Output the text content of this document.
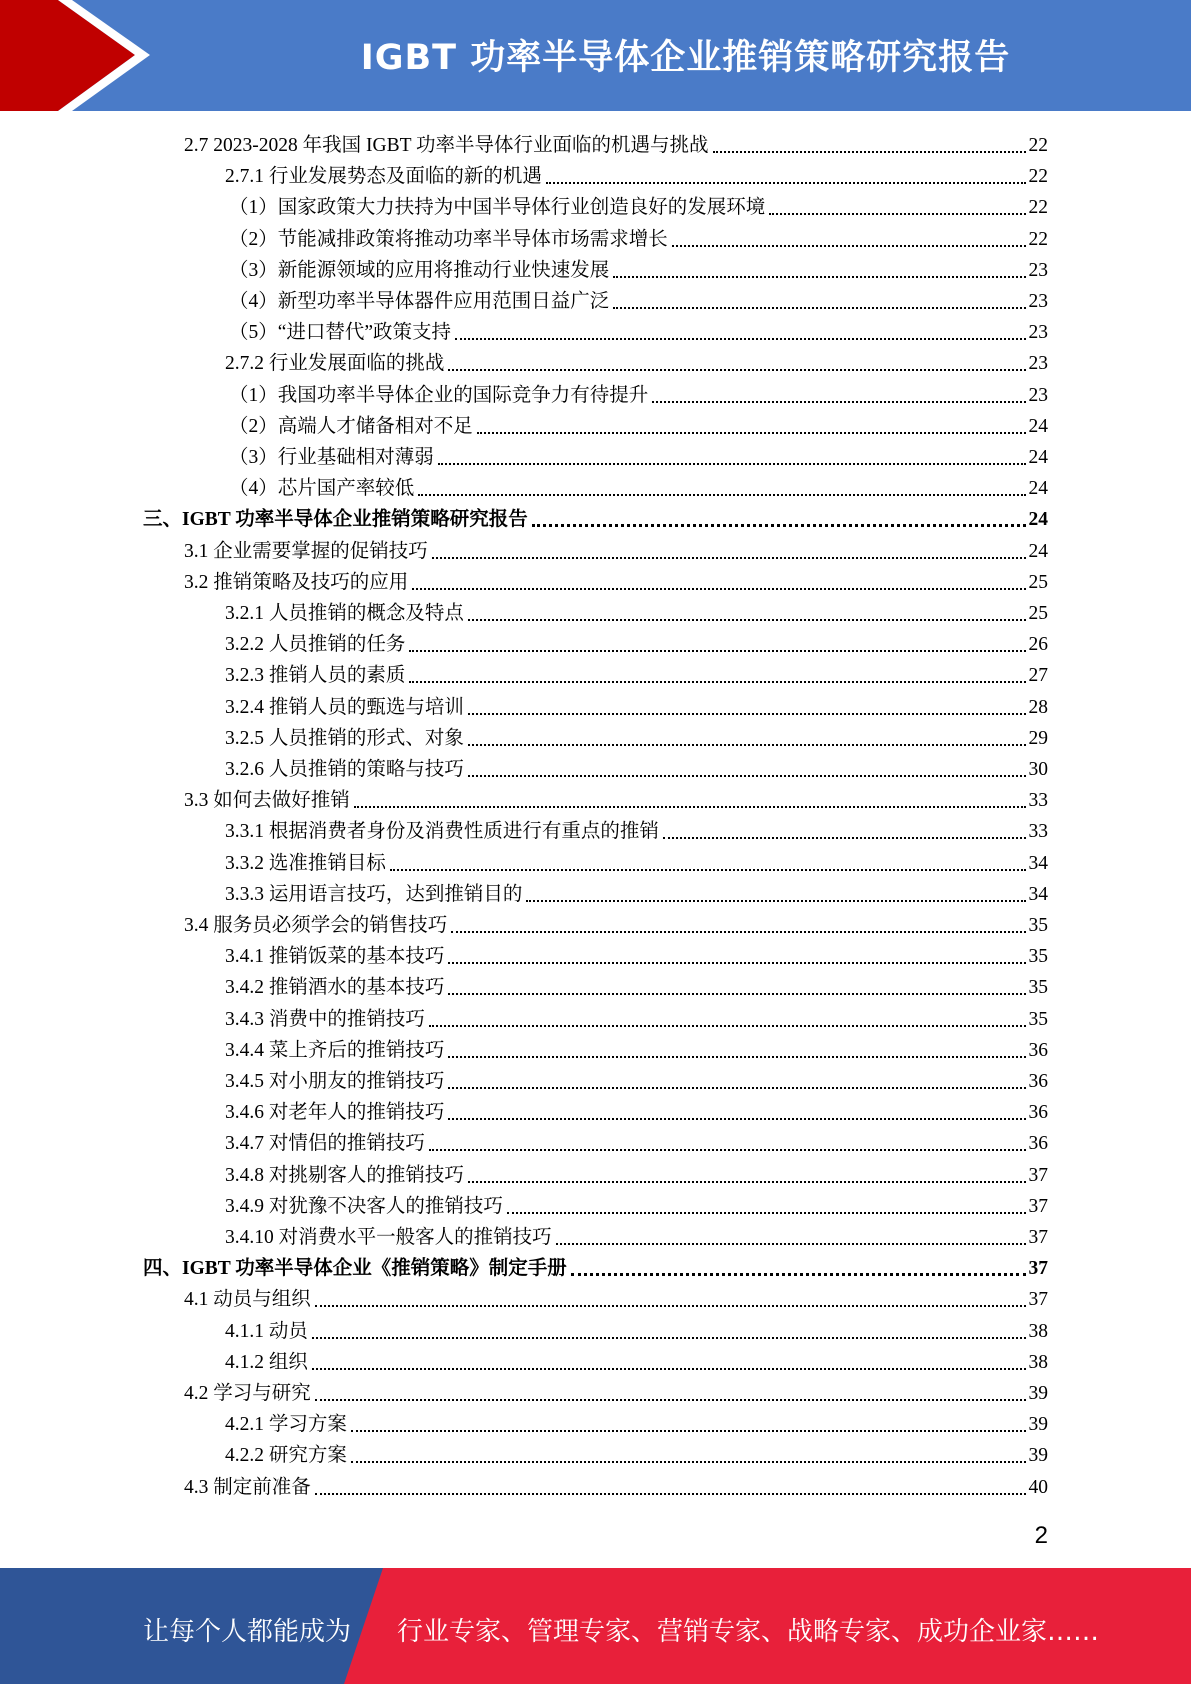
IGBT 功率半导体企业推销策略研究报告
2.7 2023-2028 年我国 IGBT 功率半导体行业面临的机遇与挑战	22
2.7.1 行业发展势态及面临的新的机遇	22
（1）国家政策大力扶持为中国半导体行业创造良好的发展环境	22
（2）节能减排政策将推动功率半导体市场需求增长	22
（3）新能源领域的应用将推动行业快速发展	23
（4）新型功率半导体器件应用范围日益广泛	23
（5）“进口替代”政策支持	23
2.7.2 行业发展面临的挑战	23
（1）我国功率半导体企业的国际竞争力有待提升	23
（2）高端人才储备相对不足	24
（3）行业基础相对薄弱	24
（4）芯片国产率较低	24
三、IGBT 功率半导体企业推销策略研究报告	24
3.1 企业需要掌握的促销技巧	24
3.2 推销策略及技巧的应用	25
3.2.1 人员推销的概念及特点	25
3.2.2 人员推销的任务	26
3.2.3 推销人员的素质	27
3.2.4 推销人员的甄选与培训	28
3.2.5 人员推销的形式、对象	29
3.2.6 人员推销的策略与技巧	30
3.3 如何去做好推销	33
3.3.1 根据消费者身份及消费性质进行有重点的推销	33
3.3.2 选准推销目标	34
3.3.3 运用语言技巧，达到推销目的	34
3.4 服务员必须学会的销售技巧	35
3.4.1 推销饭菜的基本技巧	35
3.4.2 推销酒水的基本技巧	35
3.4.3 消费中的推销技巧	35
3.4.4 菜上齐后的推销技巧	36
3.4.5 对小朋友的推销技巧	36
3.4.6 对老年人的推销技巧	36
3.4.7 对情侣的推销技巧	36
3.4.8 对挑剔客人的推销技巧	37
3.4.9 对犹豫不决客人的推销技巧	37
3.4.10 对消费水平一般客人的推销技巧	37
四、IGBT 功率半导体企业《推销策略》制定手册	37
4.1 动员与组织	37
4.1.1 动员	38
4.1.2 组织	38
4.2 学习与研究	39
4.2.1 学习方案	39
4.2.2 研究方案	39
4.3 制定前准备	40
2
让每个人都能成为 行业专家、管理专家、营销专家、战略专家、成功企业家……
